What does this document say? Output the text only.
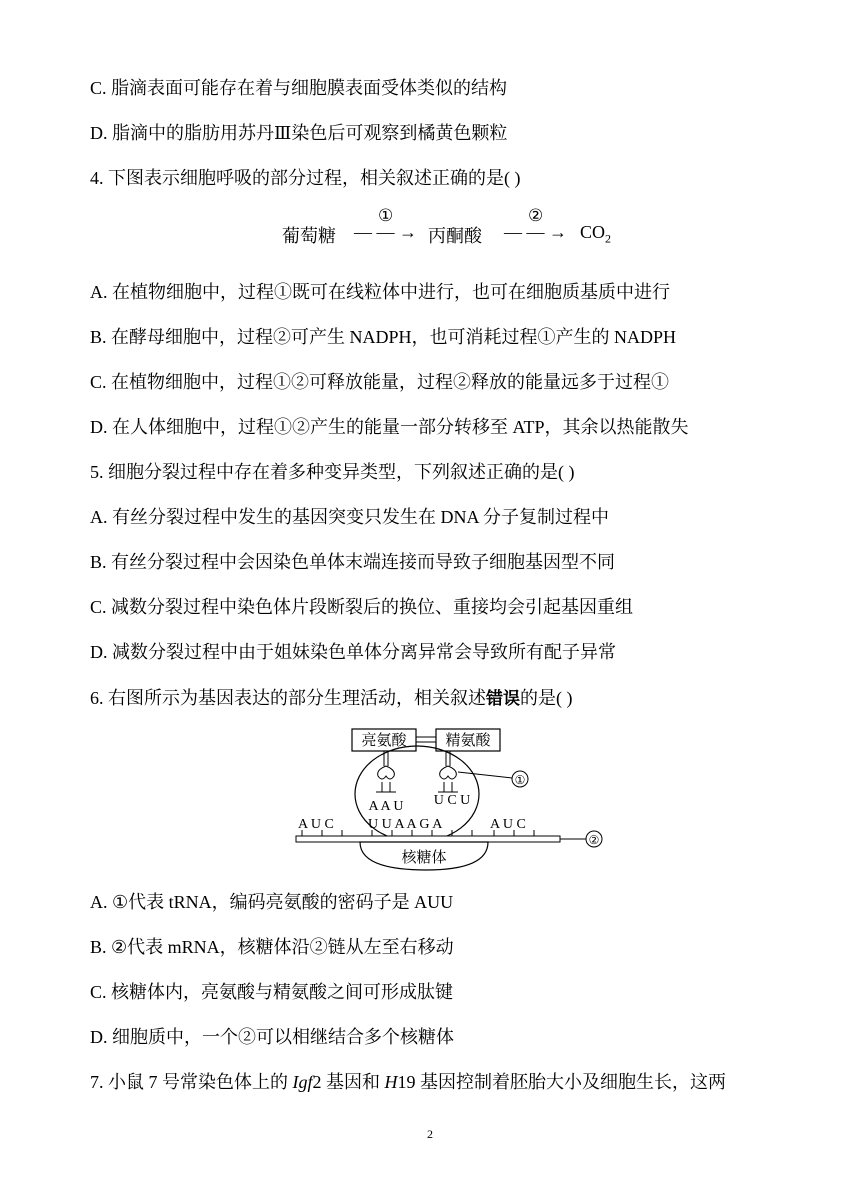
C. 脂滴表面可能存在着与细胞膜表面受体类似的结构
D. 脂滴中的脂肪用苏丹Ⅲ染色后可观察到橘黄色颗粒
4. 下图表示细胞呼吸的部分过程，相关叙述正确的是( )
葡萄糖 — — →
①
丙酮酸 — — →
②
$CO_2$
A. 在植物细胞中，过程①既可在线粒体中进行，也可在细胞质基质中进行
B. 在酵母细胞中，过程②可产生 NADPH，也可消耗过程①产生的 NADPH
C. 在植物细胞中，过程①②可释放能量，过程②释放的能量远多于过程①
D. 在人体细胞中，过程①②产生的能量一部分转移至 ATP，其余以热能散失
5. 细胞分裂过程中存在着多种变异类型，下列叙述正确的是( )
A. 有丝分裂过程中发生的基因突变只发生在 DNA 分子复制过程中
B. 有丝分裂过程中会因染色单体末端连接而导致子细胞基因型不同
C. 减数分裂过程中染色体片段断裂后的换位、重接均会引起基因重组
D. 减数分裂过程中由于姐妹染色单体分离异常会导致所有配子异常
6. 右图所示为基因表达的部分生理活动，相关叙述错误的是( )
亮氨酸	精氨酸
A A U U C U
①
A U C U U A A G A	A U C
②
核糖体
A. ①代表 tRNA，编码亮氨酸的密码子是 AUU
B. ②代表 mRNA，核糖体沿②链从左至右移动
C. 核糖体内，亮氨酸与精氨酸之间可形成肽键
D. 细胞质中，一个②可以相继结合多个核糖体
7. 小鼠 7 号常染色体上的 Igf2 基因和 H19 基因控制着胚胎大小及细胞生长，这两
2
